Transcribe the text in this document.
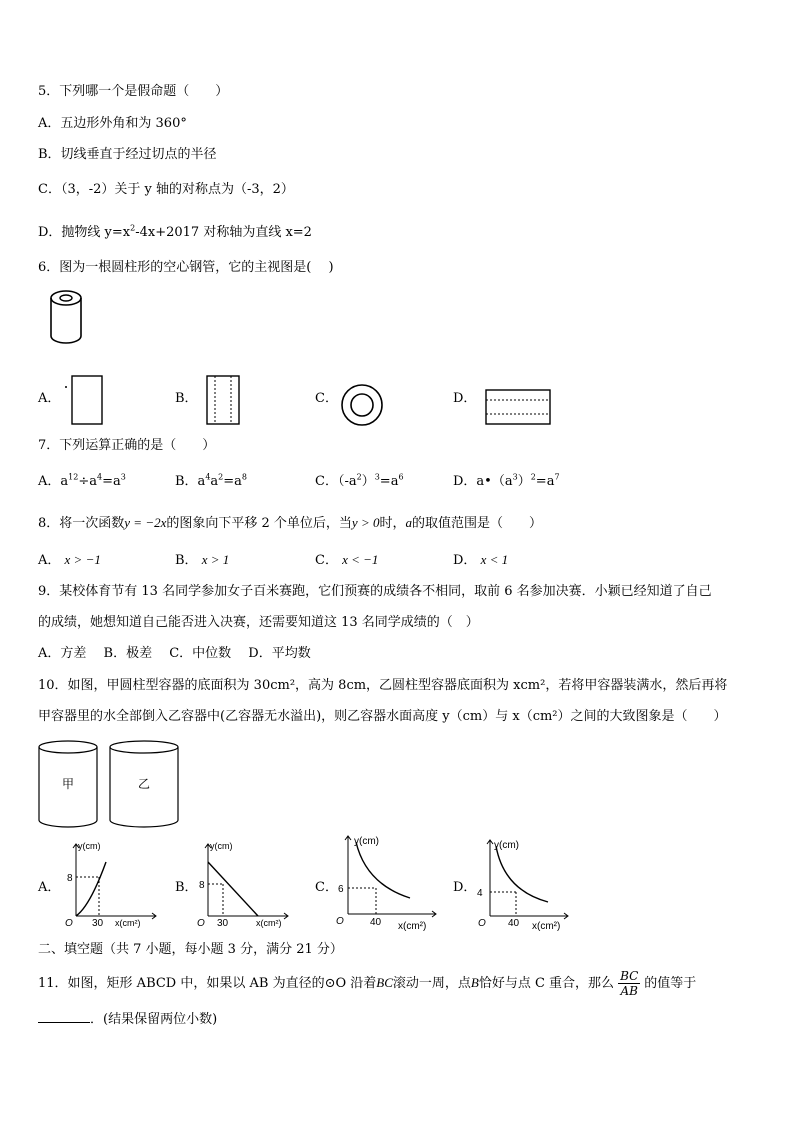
5．下列哪一个是假命题（　　）
A．五边形外角和为 360°
B．切线垂直于经过切点的半径
C．（3，-2）关于 y 轴的对称点为（-3，2）
D．抛物线 $y=x^2-4x+2017$ 对称轴为直线 x=2
6．图为一根圆柱形的空心钢管，它的主视图是(　 )
A．	B．	C．	D．
7．下列运算正确的是（　　）
A．$a^{12}\div a^4=a^3$	B．$a^4a^2=a^8$	C．$(-a^2)^3=a^6$	D．$a•(a^3)^2=a^7$
8．将一次函数y = −2x的图象向下平移 2 个单位后，当y > 0时，a的取值范围是（　　）
A． x > −1	B． x > 1	C． x < −1	D． x < 1
9．某校体育节有 13 名同学参加女子百米赛跑，它们预赛的成绩各不相同，取前 6 名参加决赛．小颖已经知道了自己
的成绩，她想知道自己能否进入决赛，还需要知道这 13 名同学成绩的（　）
A．方差　 B．极差　 C．中位数　 D．平均数
10．如图，甲圆柱型容器的底面积为 30cm²，高为 8cm，乙圆柱型容器底面积为 xcm²，若将甲容器装满水，然后再将
甲容器里的水全部倒入乙容器中(乙容器无水溢出)，则乙容器水面高度 y（cm）与 x（cm²）之间的大致图象是（　　）
甲	乙
A．
y(cm)
x(cm²)
O
8
30
B．
y(cm)
x(cm²)
O
8
30
C．
y(cm)
x(cm²)
O
6
40
D．
y(cm)
x(cm²)
O
4
40
二、填空题（共 7 小题，每小题 3 分，满分 21 分）
11．如图，矩形 ABCD 中，如果以 AB 为直径的⊙O 沿着BC滚动一周，点B恰好与点 C 重合，那么 $\frac{BC}{AB}$ 的值等于
．(结果保留两位小数)
